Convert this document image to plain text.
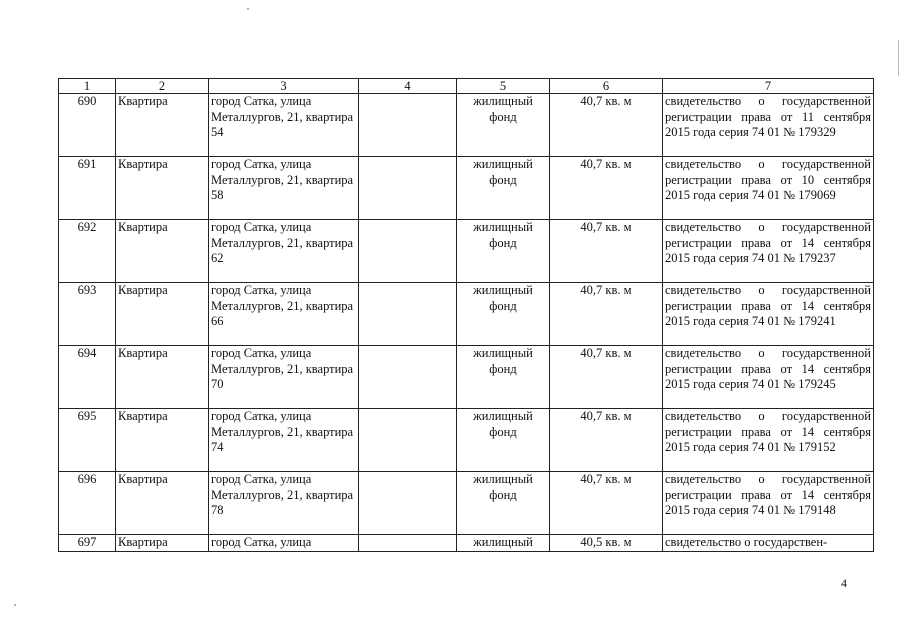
1	2	3	4	5	6	7
690	Квартира	город Сатка, улица Металлургов, 21, квартира 54		жилищный фонд	40,7 кв. м	свидетельство о государственной регистрации права от 11 сентября 2015 года серия 74 01 № 179329
691	Квартира	город Сатка, улица Металлургов, 21, квартира 58		жилищный фонд	40,7 кв. м	свидетельство о государственной регистрации права от 10 сентября 2015 года серия 74 01 № 179069
692	Квартира	город Сатка, улица Металлургов, 21, квартира 62		жилищный фонд	40,7 кв. м	свидетельство о государственной регистрации права от 14 сентября 2015 года серия 74 01 № 179237
693	Квартира	город Сатка, улица Металлургов, 21, квартира 66		жилищный фонд	40,7 кв. м	свидетельство о государственной регистрации права от 14 сентября 2015 года серия 74 01 № 179241
694	Квартира	город Сатка, улица Металлургов, 21, квартира 70		жилищный фонд	40,7 кв. м	свидетельство о государственной регистрации права от 14 сентября 2015 года серия 74 01 № 179245
695	Квартира	город Сатка, улица Металлургов, 21, квартира 74		жилищный фонд	40,7 кв. м	свидетельство о государственной регистрации права от 14 сентября 2015 года серия 74 01 № 179152
696	Квартира	город Сатка, улица Металлургов, 21, квартира 78		жилищный фонд	40,7 кв. м	свидетельство о государственной регистрации права от 14 сентября 2015 года серия 74 01 № 179148
697	Квартира	город Сатка, улица		жилищный	40,5 кв. м	свидетельство о государствен-
4
